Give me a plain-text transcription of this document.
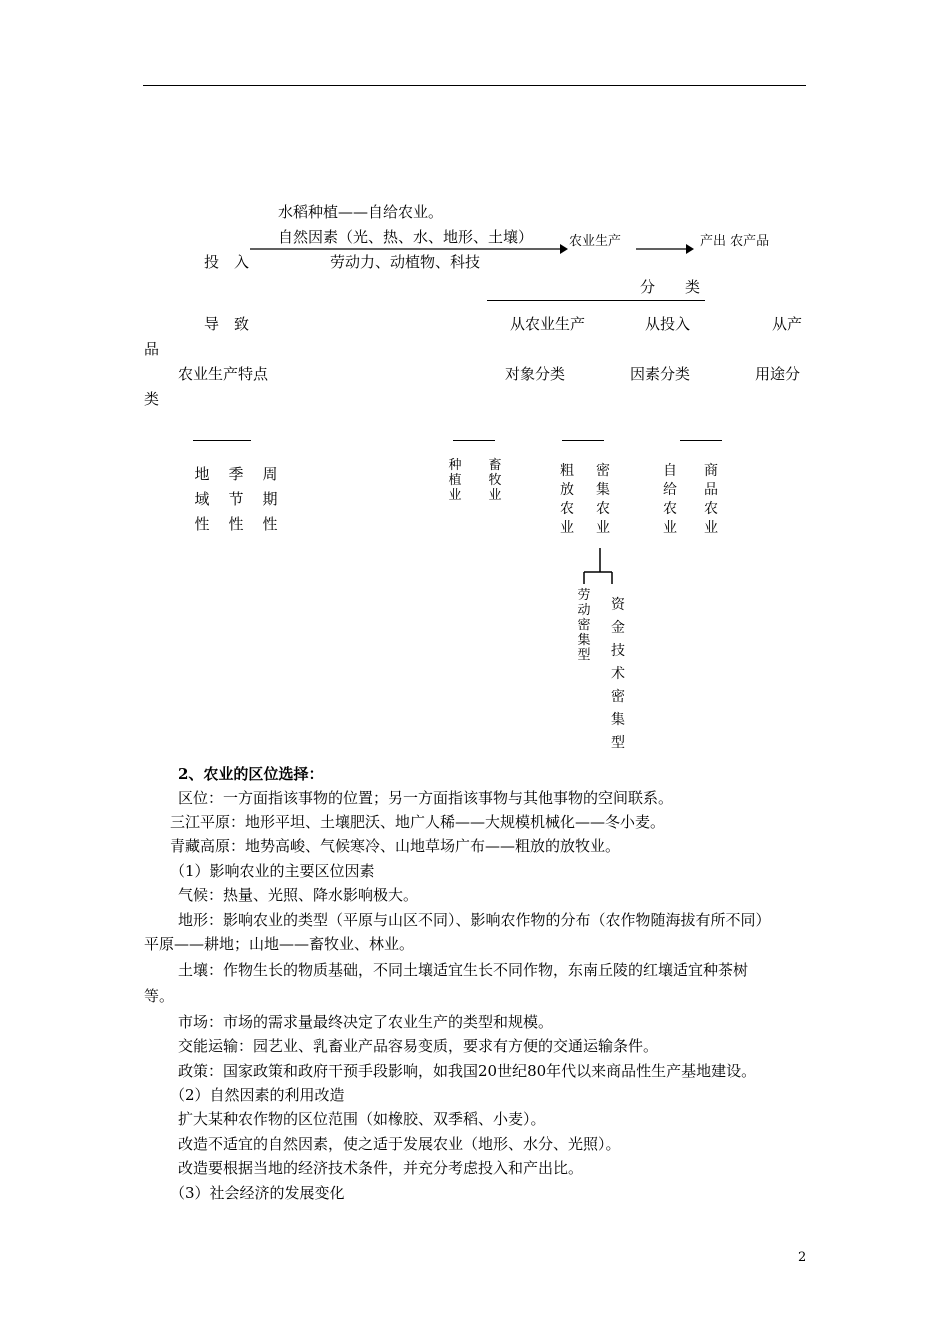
水稻种植——自给农业。
自然因素（光、热、水、地形、土壤）	农业生产	产出 农产品
投　入	劳动力、动植物、科技
分　　类
导　致	从农业生产	从投入	从产
品
农业生产特点	对象分类	因素分类	用途分
类
地域性
季节性
周期性
种植业
畜牧业
粗放农业
密集农业
自给农业
商品农业
劳动密集型
资金技术密集型
2、农业的区位选择：
区位：一方面指该事物的位置；另一方面指该事物与其他事物的空间联系。
三江平原：地形平坦、土壤肥沃、地广人稀——大规模机械化——冬小麦。
青藏高原：地势高峻、气候寒冷、山地草场广布——粗放的放牧业。
（1）影响农业的主要区位因素
气候：热量、光照、降水影响极大。
地形：影响农业的类型（平原与山区不同）、影响农作物的分布（农作物随海拔有所不同）
平原——耕地；山地——畜牧业、林业。
土壤：作物生长的物质基础，不同土壤适宜生长不同作物，东南丘陵的红壤适宜种茶树
等。
市场：市场的需求量最终决定了农业生产的类型和规模。
交能运输：园艺业、乳畜业产品容易变质，要求有方便的交通运输条件。
政策：国家政策和政府干预手段影响，如我国20世纪80年代以来商品性生产基地建设。
（2）自然因素的利用改造
扩大某种农作物的区位范围（如橡胶、双季稻、小麦）。
改造不适宜的自然因素，使之适于发展农业（地形、水分、光照）。
改造要根据当地的经济技术条件，并充分考虑投入和产出比。
（3）社会经济的发展变化
2
